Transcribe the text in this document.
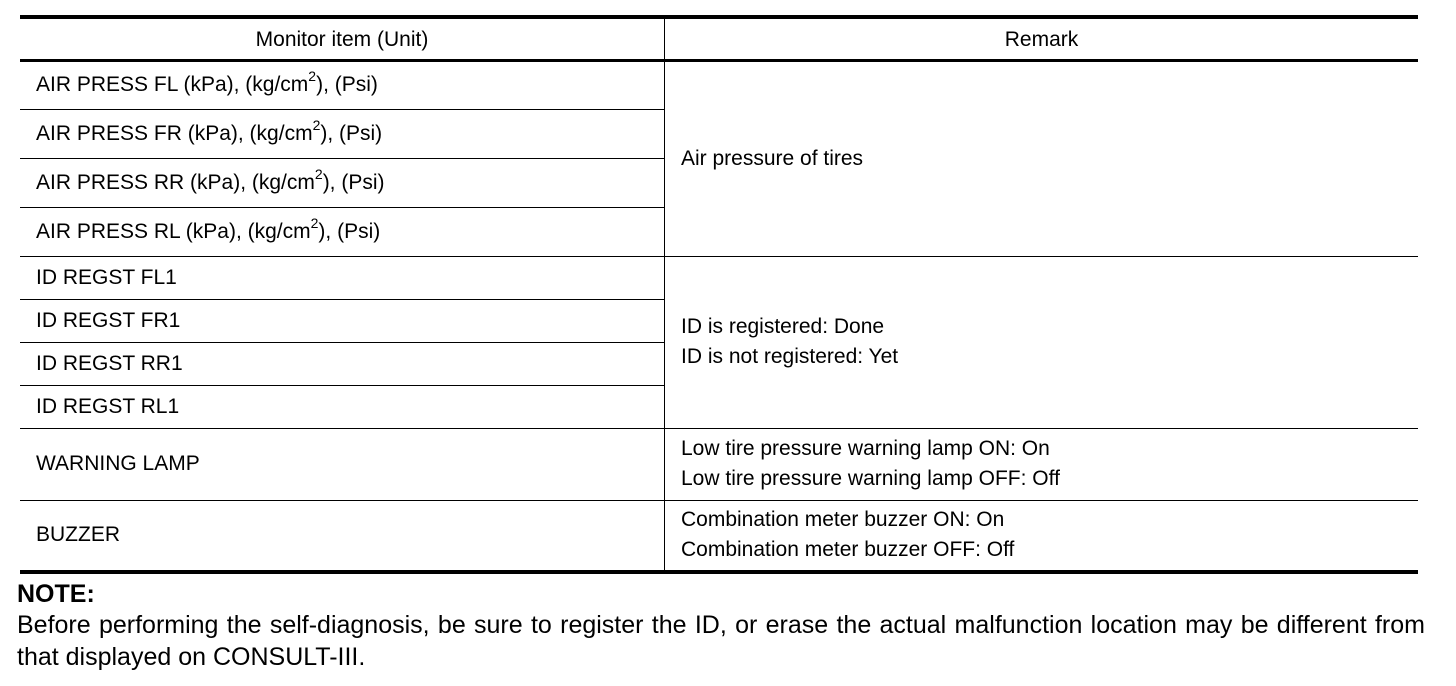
Monitor item (Unit)	Remark
AIR PRESS FL (kPa), $(kg/cm^2)$, (Psi)	Air pressure of tires
AIR PRESS FR (kPa), $(kg/cm^2)$, (Psi)	
AIR PRESS RR (kPa), $(kg/cm^2)$, (Psi)	
AIR PRESS RL (kPa), $(kg/cm^2)$, (Psi)	
ID REGST FL1	ID is registered: Done
ID is not registered: Yet

ID REGST FR1	
ID REGST RR1	
ID REGST RL1	
WARNING LAMP	Low tire pressure warning lamp ON: On
Low tire pressure warning lamp OFF: Off

BUZZER	Combination meter buzzer ON: On
Combination meter buzzer OFF: Off
NOTE:
Before performing the self-diagnosis, be sure to register the ID, or erase the actual malfunction location may be different from that displayed on CONSULT-III.
